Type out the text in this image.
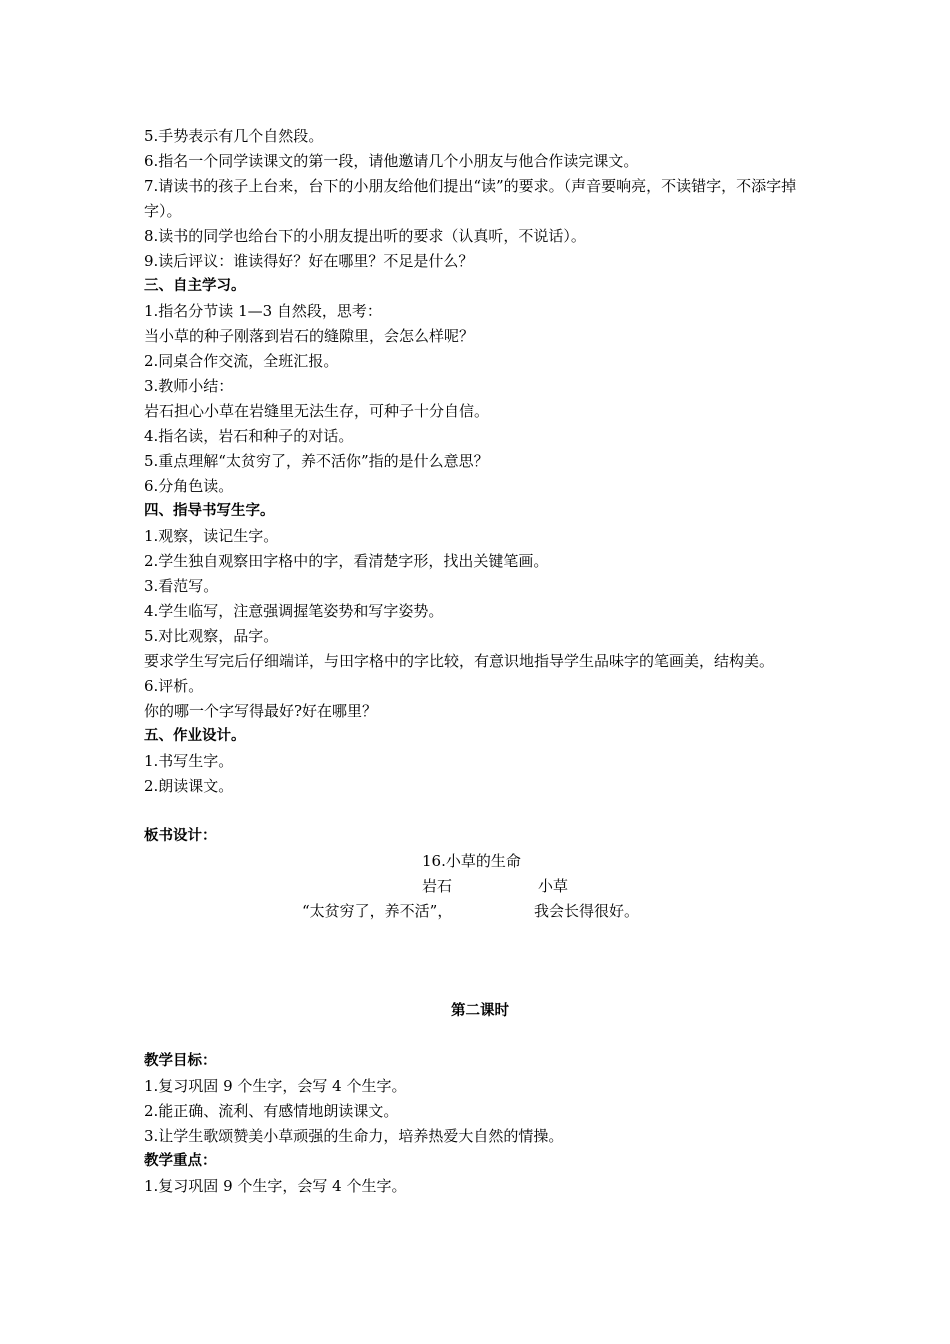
5.手势表示有几个自然段。
6.指名一个同学读课文的第一段，请他邀请几个小朋友与他合作读完课文。
7.请读书的孩子上台来，台下的小朋友给他们提出“读”的要求。（声音要响亮，不读错字，不添字掉字）。
8.读书的同学也给台下的小朋友提出听的要求（认真听，不说话）。
9.读后评议：谁读得好？好在哪里？不足是什么？
三、自主学习。
1.指名分节读 1—3 自然段，思考：
当小草的种子刚落到岩石的缝隙里，会怎么样呢？
2.同桌合作交流，全班汇报。
3.教师小结：
岩石担心小草在岩缝里无法生存，可种子十分自信。
4.指名读，岩石和种子的对话。
5.重点理解“太贫穷了，养不活你”指的是什么意思？
6.分角色读。
四、指导书写生字。
1.观察，读记生字。
2.学生独自观察田字格中的字，看清楚字形，找出关键笔画。
3.看范写。
4.学生临写，注意强调握笔姿势和写字姿势。
5.对比观察，品字。
要求学生写完后仔细端详，与田字格中的字比较，有意识地指导学生品味字的笔画美，结构美。
6.评析。
你的哪一个字写得最好?好在哪里？
五、作业设计。
1.书写生字。
2.朗读课文。
板书设计：
16.小草的生命
岩石	小草
“太贫穷了，养不活”，	我会长得很好。
第二课时
教学目标：
1.复习巩固 9 个生字，会写 4 个生字。
2.能正确、流利、有感情地朗读课文。
3.让学生歌颂赞美小草顽强的生命力，培养热爱大自然的情操。
教学重点：
1.复习巩固 9 个生字，会写 4 个生字。
